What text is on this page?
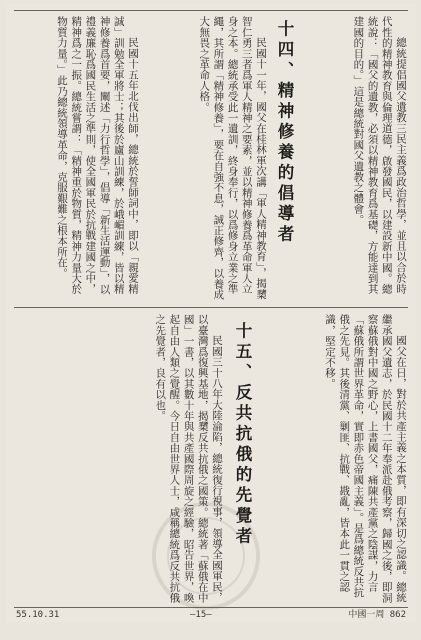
總統提倡國父遺教三民主義爲政治哲學，並且以合於時代性的精神教育與倫理道德，啟發國民，以建設新中國。總統說：「國父的遺教，必須以精神教育爲基礎，方能達到其建國的目的。」這是總統對國父遺教之體會。

十四、精神修養的倡導者

民國十一年，國父在桂林軍次講「軍人精神教育」，揭櫫智仁勇三者爲軍人精神之要素，並以精神修養爲革命軍人立身之本。總統承受此一遺訓，終身奉行，以爲修身立業之準繩，其所謂「精神修養」，要在自強不息，誠正修齊，以養成大無畏之革命人格。

民國十五年北伐出師，總統於誓師詞中，即以「親愛精誠」訓勉全軍將士；其後於廬山訓練，於峨嵋訓練，皆以精神修養爲首要，闡述「力行哲學」，倡導「新生活運動」，以禮義廉恥爲國民生活之準則，使全國軍民於抗戰建國之中，精神爲之一振。總統嘗謂：「精神重於物質，精神力量大於物質力量。」此乃總統領導革命，克服艱難之根本所在。

國父在日，對於共產主義之本質，即有深切之認識。總統繼承國父遺志，於民國十二年奉派赴俄考察，歸國之後，即洞察蘇俄對中國之野心，上書國父，痛陳共產黨之陰謀，力言「蘇俄所謂世界革命，實即赤色帝國主義」。是爲總統反共抗俄之先見。其後清黨、剿匪、抗戰、戡亂，皆本此一貫之認識，堅定不移。

十五、反共抗俄的先覺者

民國三十八年大陸淪陷，總統復行視事，領導全國軍民，以臺灣爲復興基地，揭櫫反共抗俄之國策。總統著「蘇俄在中國」一書，以其數十年與共產國際周旋之經驗，昭告世界，喚起自由人類之覺醒。今日自由世界人士，咸稱總統爲反共抗俄之先覺者，良有以也。

55.10.31	—15—	中國一周 862
